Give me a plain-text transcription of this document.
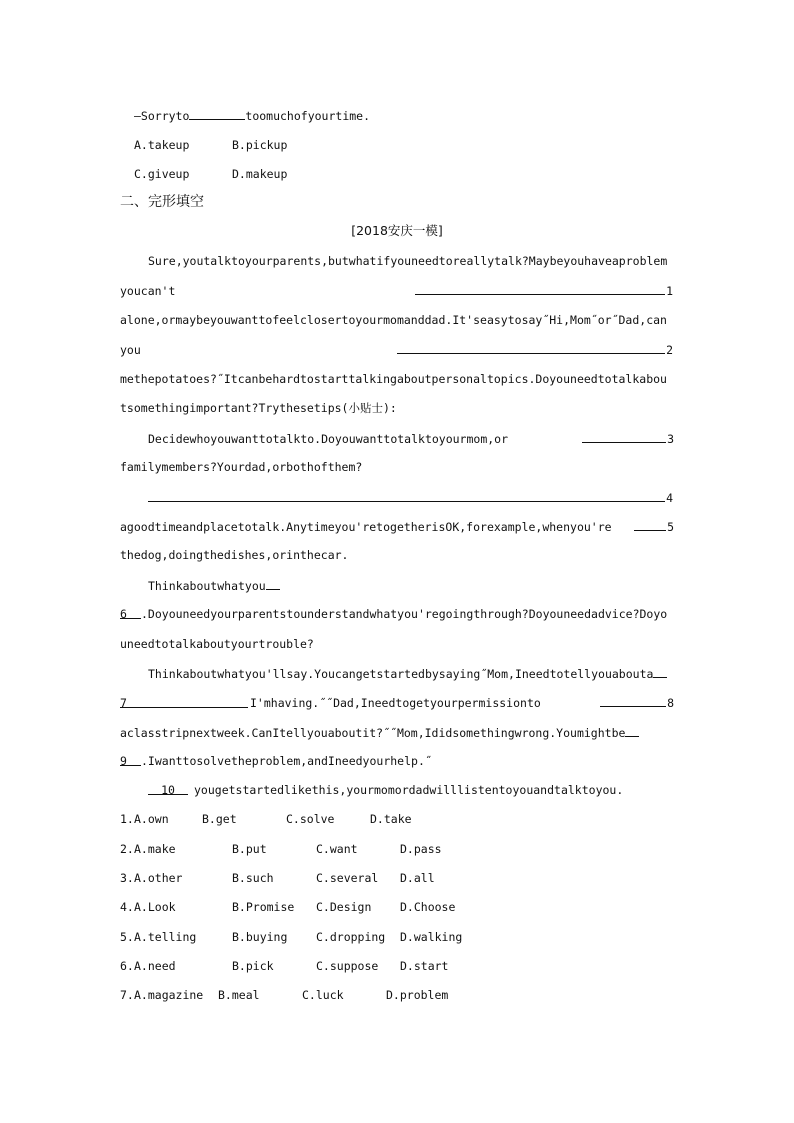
—Sorryto	toomuchofyourtime.
A.takeup	B.pickup
C.giveup	D.makeup
二、完形填空
[2018安庆一模]
Sure,youtalktoyourparents,butwhatifyouneedtoreallytalk?Maybeyouhaveaproblem
youcan't	1
alone,ormaybeyouwanttofeelclosertoyourmomanddad.It'seasytosay˝Hi,Mom˝or˝Dad,can
you	2
methepotatoes?˝Itcanbehardtostarttalkingaboutpersonaltopics.Doyouneedtotalkabou
tsomethingimportant?Trythesetips(小贴士):
Decidewhoyouwanttotalkto.Doyouwanttotalktoyourmom,or	3
familymembers?Yourdad,orbothofthem?
4
agoodtimeandplacetotalk.Anytimeyou'retogetherisOK,forexample,whenyou're	5
thedog,doingthedishes,orinthecar.
Thinkaboutwhatyou
6 .Doyouneedyourparentstounderstandwhatyou'regoingthrough?Doyouneedadvice?Doyo
uneedtotalkaboutyourtrouble?
Thinkaboutwhatyou'llsay.Youcangetstartedbysaying˝Mom,Ineedtotellyouabouta
7	I'mhaving.˝˝Dad,Ineedtogetyourpermissionto	8
aclasstripnextweek.CanItellyouaboutit?˝˝Mom,Ididsomethingwrong.Youmightbe
9 .Iwanttosolvetheproblem,andIneedyourhelp.˝
10 yougetstartedlikethis,yourmomordadwilllistentoyouandtalktoyou.
1.A.own	B.get	C.solve	D.take
2.A.make	B.put	C.want	D.pass
3.A.other	B.such	C.several D.all
4.A.Look	B.Promise C.Design D.Choose
5.A.telling	B.buying C.dropping D.walking
6.A.need	B.pick	C.suppose D.start
7.A.magazine B.meal	C.luck	D.problem
